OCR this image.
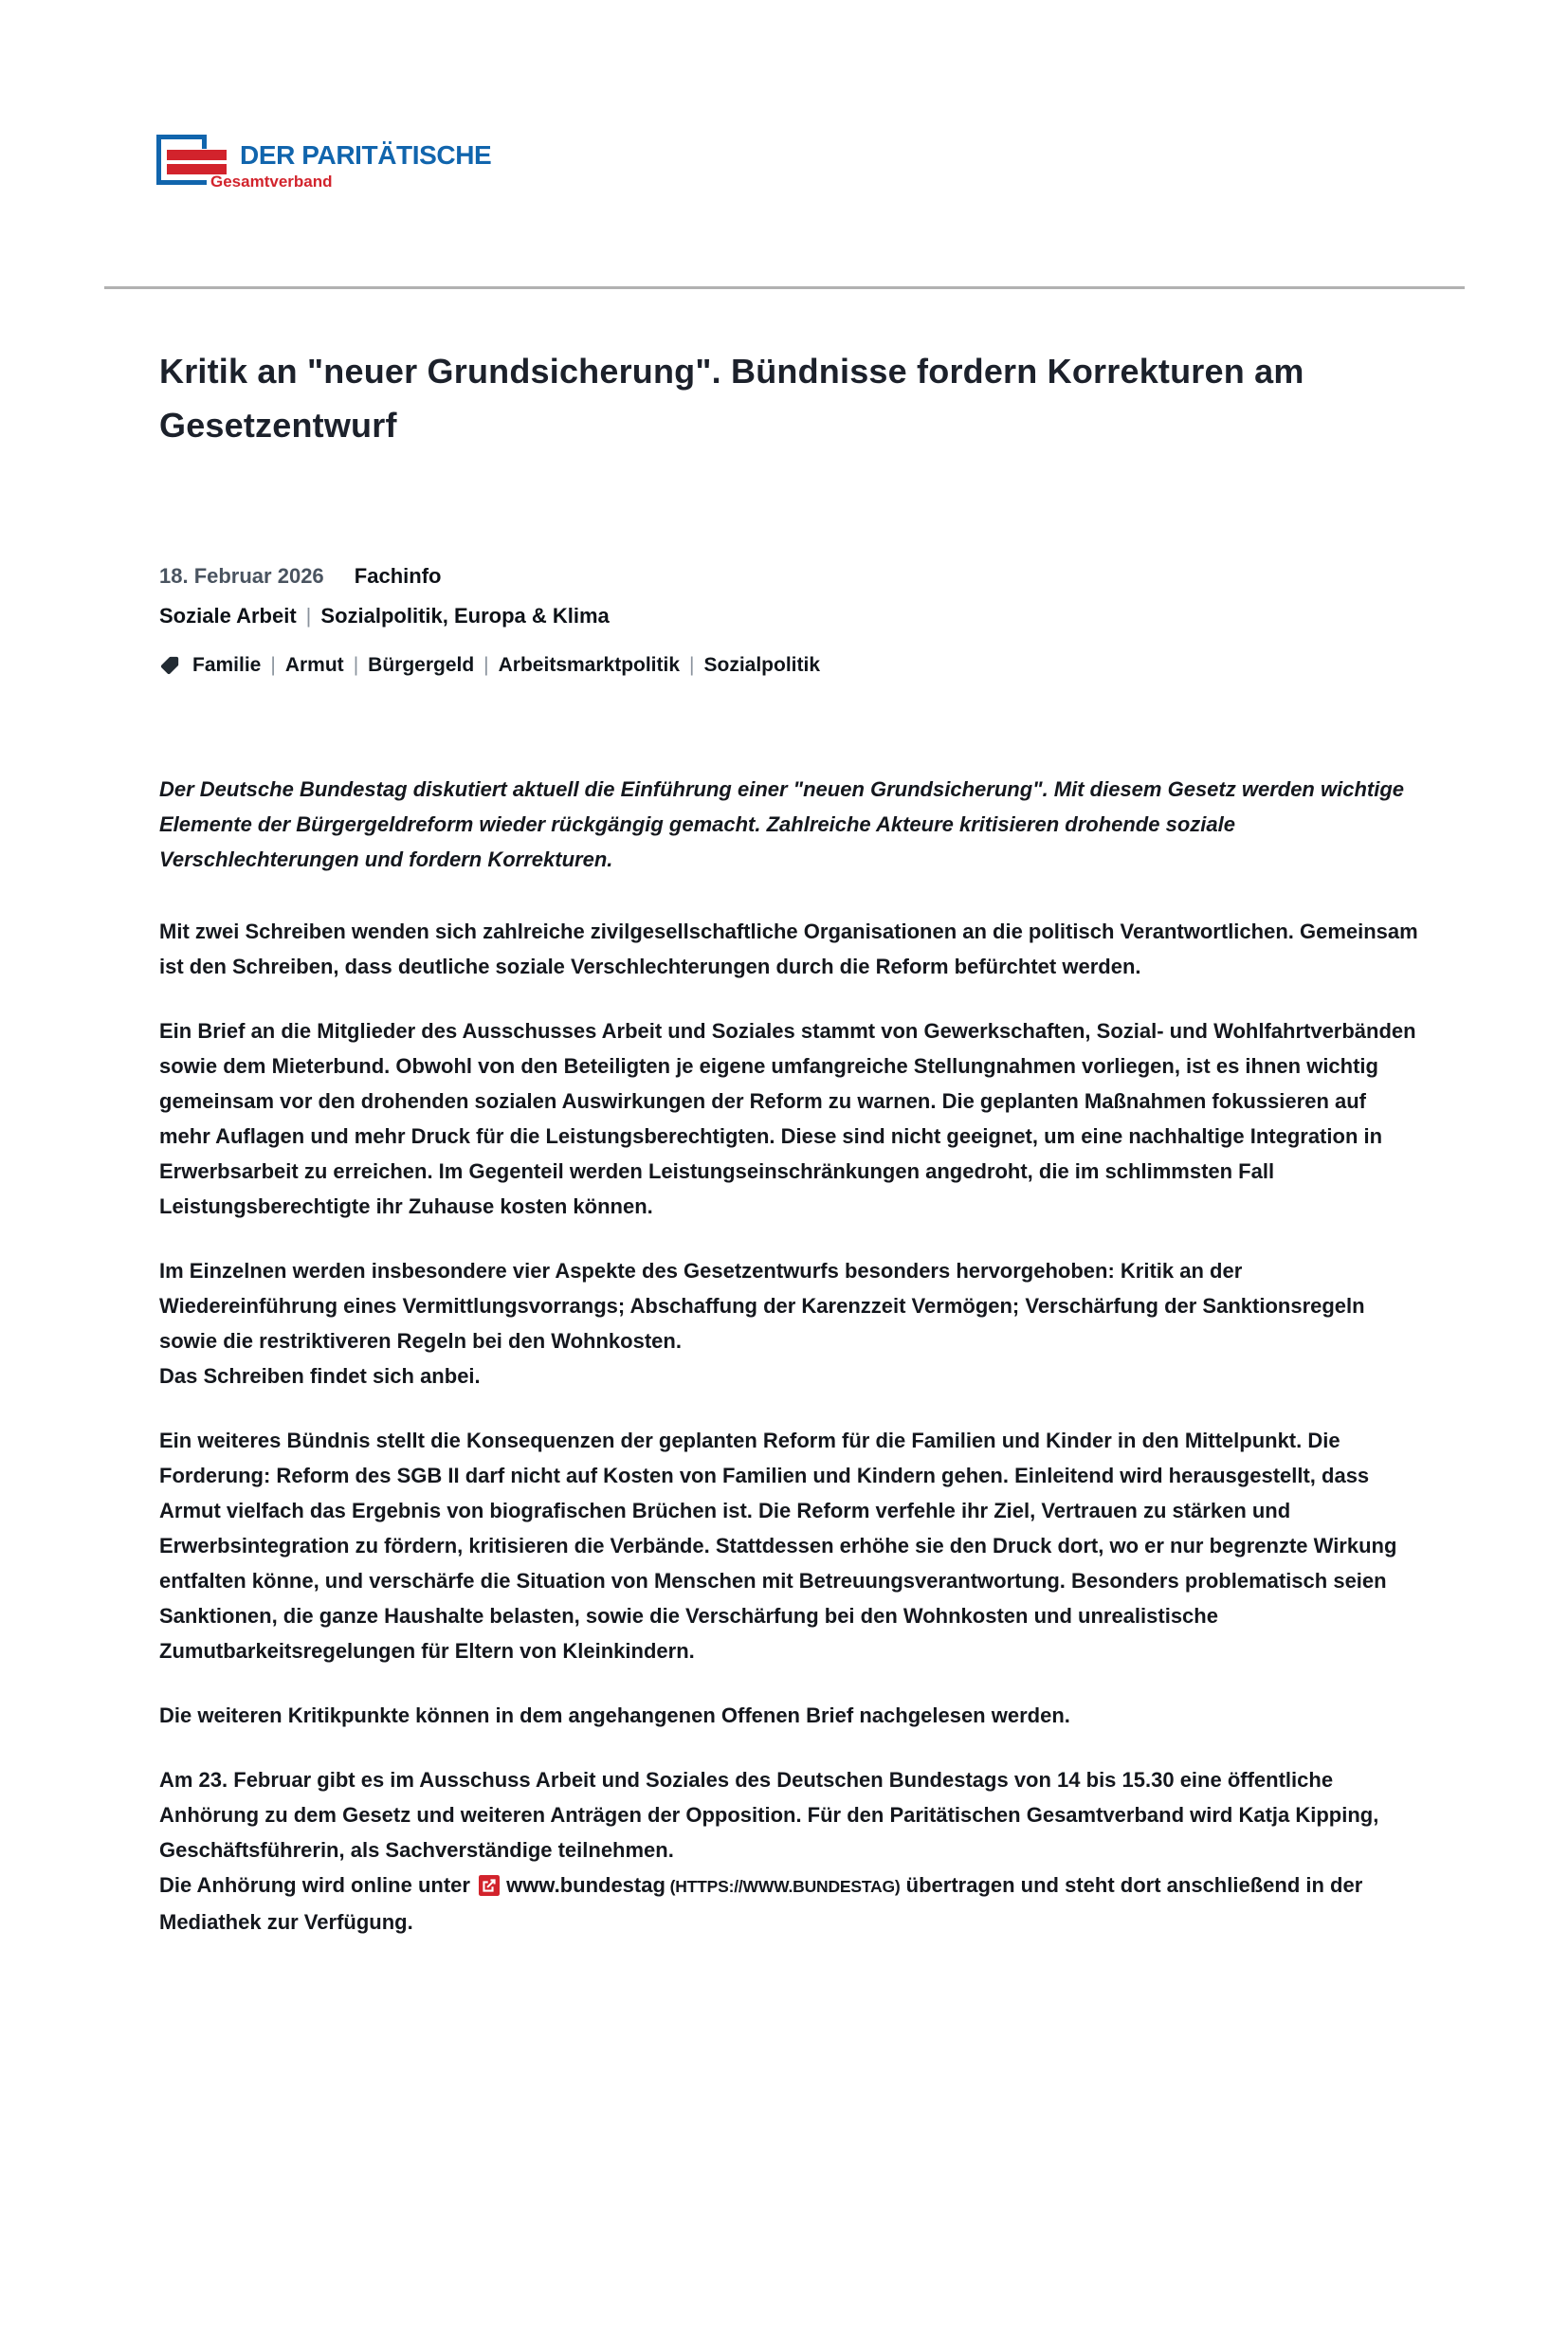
DER PARITÄTISCHE
Gesamtverband
Kritik an "neuer Grundsicherung". Bündnisse fordern Korrekturen am Gesetzentwurf
18. Februar 2026 Fachinfo
Soziale Arbeit | Sozialpolitik, Europa & Klima
Familie | Armut | Bürgergeld | Arbeitsmarktpolitik | Sozialpolitik

Der Deutsche Bundestag diskutiert aktuell die Einführung einer "neuen Grundsicherung". Mit diesem Gesetz werden wichtige Elemente der Bürgergeldreform wieder rückgängig gemacht. Zahlreiche Akteure kritisieren drohende soziale Verschlechterungen und fordern Korrekturen.

Mit zwei Schreiben wenden sich zahlreiche zivilgesellschaftliche Organisationen an die politisch Verantwortlichen. Gemeinsam ist den Schreiben, dass deutliche soziale Verschlechterungen durch die Reform befürchtet werden.

Ein Brief an die Mitglieder des Ausschusses Arbeit und Soziales stammt von Gewerkschaften, Sozial- und Wohlfahrtverbänden sowie dem Mieterbund. Obwohl von den Beteiligten je eigene umfangreiche Stellungnahmen vorliegen, ist es ihnen wichtig gemeinsam vor den drohenden sozialen Auswirkungen der Reform zu warnen. Die geplanten Maßnahmen fokussieren auf mehr Auflagen und mehr Druck für die Leistungsberechtigten. Diese sind nicht geeignet, um eine nachhaltige Integration in Erwerbsarbeit zu erreichen. Im Gegenteil werden Leistungseinschränkungen angedroht, die im schlimmsten Fall Leistungsberechtigte ihr Zuhause kosten können.

Im Einzelnen werden insbesondere vier Aspekte des Gesetzentwurfs besonders hervorgehoben: Kritik an der Wiedereinführung eines Vermittlungsvorrangs; Abschaffung der Karenzzeit Vermögen; Verschärfung der Sanktionsregeln sowie die restriktiveren Regeln bei den Wohnkosten.
Das Schreiben findet sich anbei.

Ein weiteres Bündnis stellt die Konsequenzen der geplanten Reform für die Familien und Kinder in den Mittelpunkt. Die Forderung: Reform des SGB II darf nicht auf Kosten von Familien und Kindern gehen. Einleitend wird herausgestellt, dass Armut vielfach das Ergebnis von biografischen Brüchen ist. Die Reform verfehle ihr Ziel, Vertrauen zu stärken und Erwerbsintegration zu fördern, kritisieren die Verbände. Stattdessen erhöhe sie den Druck dort, wo er nur begrenzte Wirkung entfalten könne, und verschärfe die Situation von Menschen mit Betreuungsverantwortung. Besonders problematisch seien Sanktionen, die ganze Haushalte belasten, sowie die Verschärfung bei den Wohnkosten und unrealistische Zumutbarkeitsregelungen für Eltern von Kleinkindern.

Die weiteren Kritikpunkte können in dem angehangenen Offenen Brief nachgelesen werden.

Am 23. Februar gibt es im Ausschuss Arbeit und Soziales des Deutschen Bundestags von 14 bis 15.30 eine öffentliche Anhörung zu dem Gesetz und weiteren Anträgen der Opposition. Für den Paritätischen Gesamtverband wird Katja Kipping, Geschäftsführerin, als Sachverständige teilnehmen.
Die Anhörung wird online unter www.bundestag (HTTPS://WWW.BUNDESTAG) übertragen und steht dort anschließend in der Mediathek zur Verfügung.
